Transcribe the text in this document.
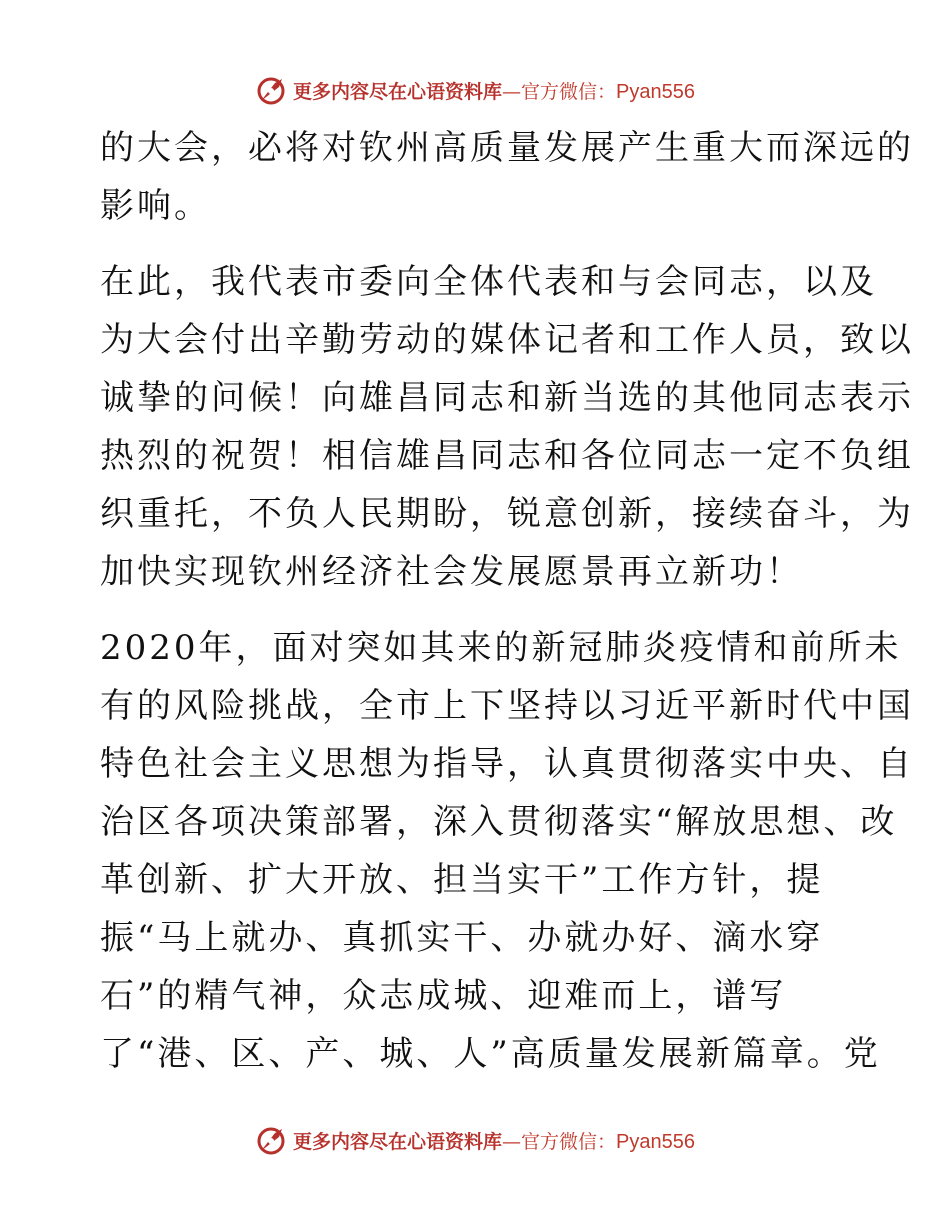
更多内容尽在心语资料库 — 官方微信： Pyan556
的大会，必将对钦州高质量发展产生重大而深远的
影响。
在此，我代表市委向全体代表和与会同志，以及
为大会付出辛勤劳动的媒体记者和工作人员，致以
诚挚的问候！向雄昌同志和新当选的其他同志表示
热烈的祝贺！相信雄昌同志和各位同志一定不负组
织重托，不负人民期盼，锐意创新，接续奋斗，为
加快实现钦州经济社会发展愿景再立新功！
2020年，面对突如其来的新冠肺炎疫情和前所未
有的风险挑战，全市上下坚持以习近平新时代中国
特色社会主义思想为指导，认真贯彻落实中央、自
治区各项决策部署，深入贯彻落实“解放思想、改
革创新、扩大开放、担当实干”工作方针，提
振“马上就办、真抓实干、办就办好、滴水穿
石”的精气神，众志成城、迎难而上，谱写
了“港、区、产、城、人”高质量发展新篇章。党
更多内容尽在心语资料库 — 官方微信： Pyan556
